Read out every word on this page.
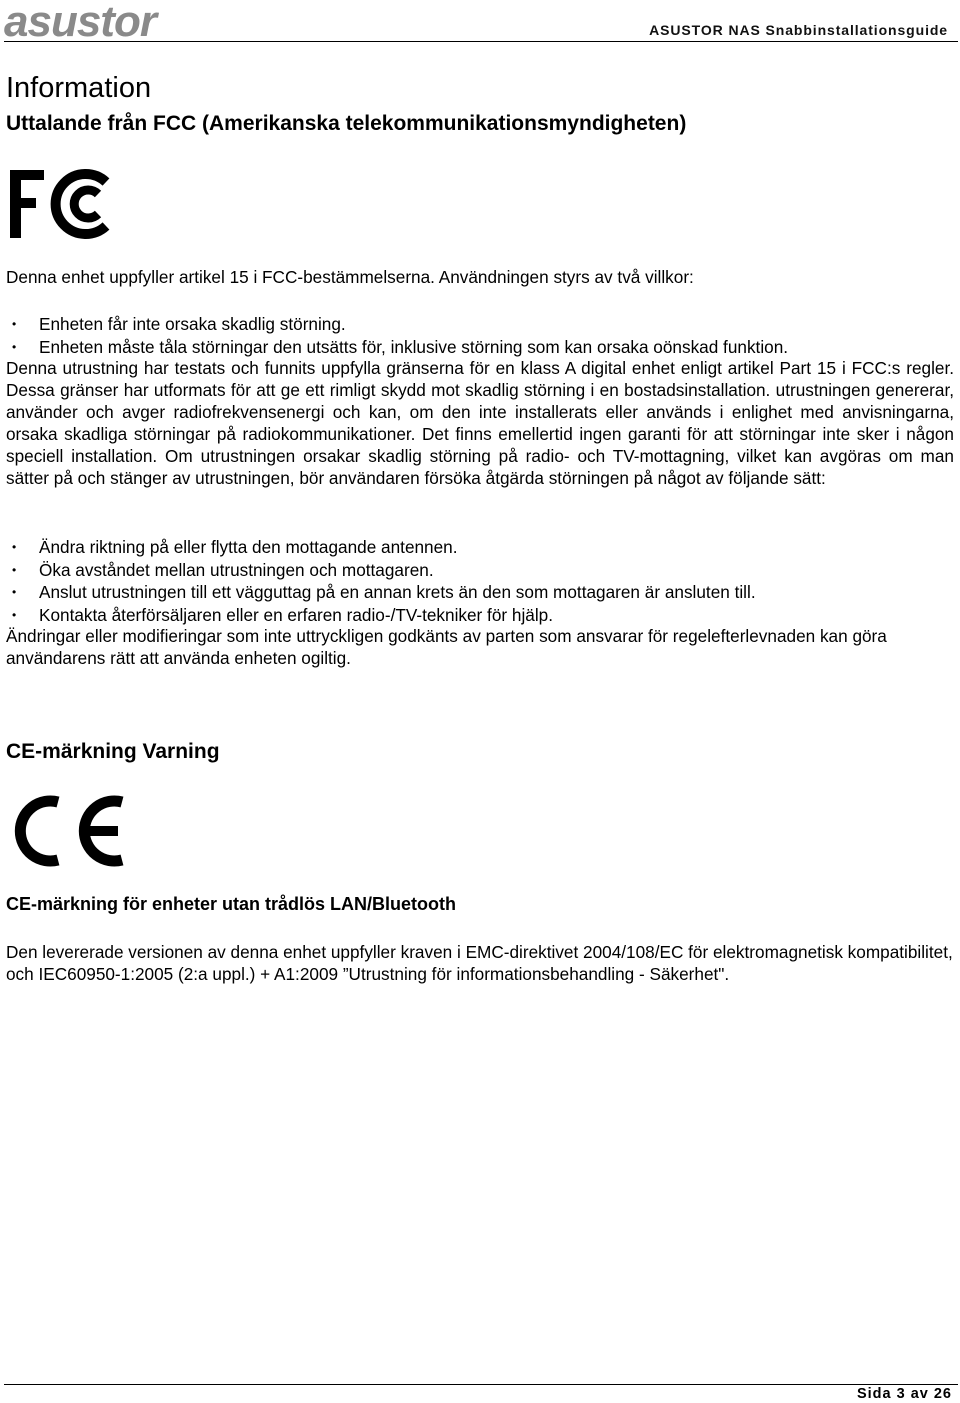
asustor	ASUSTOR NAS Snabbinstallationsguide
Information
Uttalande från FCC (Amerikanska telekommunikationsmyndigheten)
Denna enhet uppfyller artikel 15 i FCC-bestämmelserna. Användningen styrs av två villkor:
• Enheten får inte orsaka skadlig störning.
• Enheten måste tåla störningar den utsätts för, inklusive störning som kan orsaka oönskad funktion.
Denna utrustning har testats och funnits uppfylla gränserna för en klass A digital enhet enligt artikel Part 15 i FCC:s regler. Dessa gränser har utformats för att ge ett rimligt skydd mot skadlig störning i en bostadsinstallation. utrustningen genererar, använder och avger radiofrekvensenergi och kan, om den inte installerats eller används i enlighet med anvisningarna, orsaka skadliga störningar på radiokommunikationer. Det finns emellertid ingen garanti för att störningar inte sker i någon speciell installation. Om utrustningen orsakar skadlig störning på radio- och TV-mottagning, vilket kan avgöras om man sätter på och stänger av utrustningen, bör användaren försöka åtgärda störningen på något av följande sätt:
• Ändra riktning på eller flytta den mottagande antennen.
• Öka avståndet mellan utrustningen och mottagaren.
• Anslut utrustningen till ett vägguttag på en annan krets än den som mottagaren är ansluten till.
• Kontakta återförsäljaren eller en erfaren radio-/TV-tekniker för hjälp.
Ändringar eller modifieringar som inte uttryckligen godkänts av parten som ansvarar för regelefterlevnaden kan göra användarens rätt att använda enheten ogiltig.
CE-märkning Varning
CE-märkning för enheter utan trådlös LAN/Bluetooth
Den levererade versionen av denna enhet uppfyller kraven i EMC-direktivet 2004/108/EC för elektromagnetisk kompatibilitet, och IEC60950-1:2005 (2:a uppl.) + A1:2009 ”Utrustning för informationsbehandling - Säkerhet".
Sida 3 av 26
